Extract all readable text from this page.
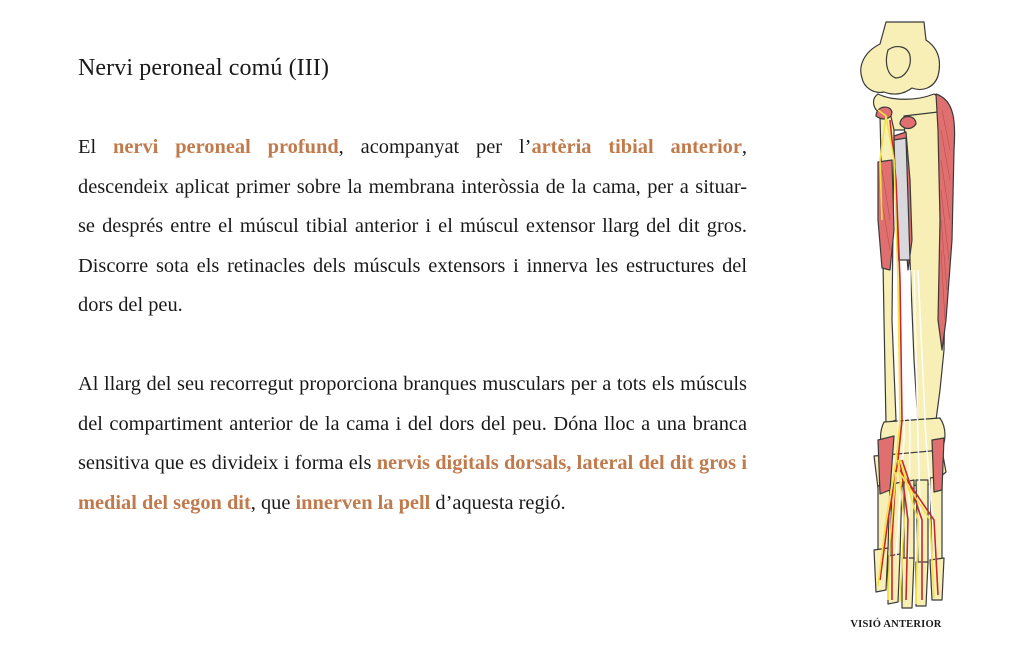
Nervi peroneal comú (III)

El nervi peroneal profund, acompanyat per l’artèria tibial anterior, descendeix aplicat primer sobre la membrana interòssia de la cama, per a situar-se després entre el múscul tibial anterior i el múscul extensor llarg del dit gros. Discorre sota els retinacles dels músculs extensors i innerva les estructures del dors del peu.

Al llarg del seu recorregut proporciona branques musculars per a tots els músculs del compartiment anterior de la cama i del dors del peu. Dóna lloc a una branca sensitiva que es divideix i forma els nervis digitals dorsals, lateral del dit gros i medial del segon dit, que innerven la pell d’aquesta regió.

VISIÓ ANTERIOR
